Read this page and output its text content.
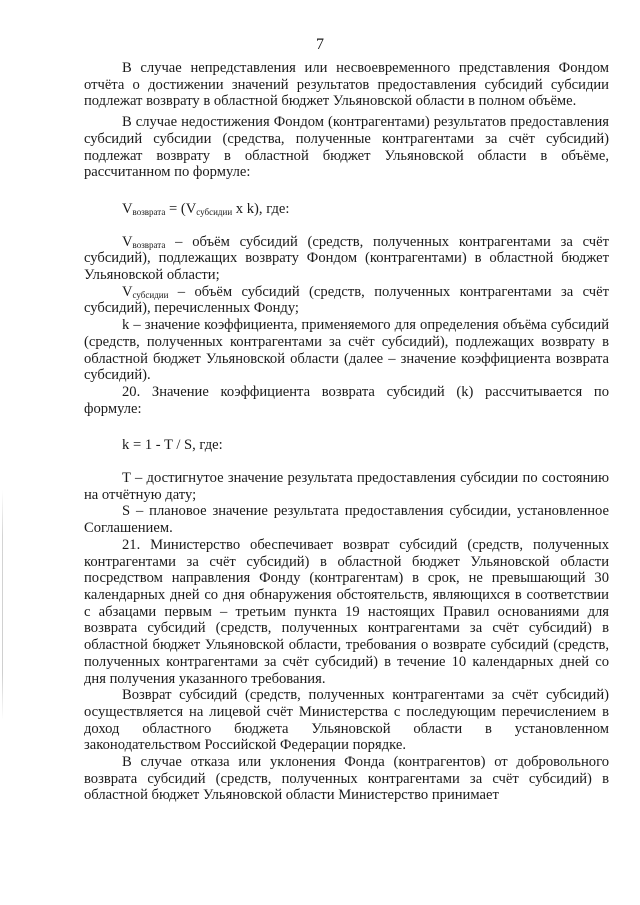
7

В случае непредставления или несвоевременного представления Фондом отчёта о достижении значений результатов предоставления субсидий субсидии подлежат возврату в областной бюджет Ульяновской области в полном объёме.

В случае недостижения Фондом (контрагентами) результатов предоставления субсидий субсидии (средства, полученные контрагентами за счёт субсидий) подлежат возврату в областной бюджет Ульяновской области в объёме, рассчитанном по формуле:

$V_{возврата} = (V_{субсидии}$ x k), где:

$V_{возврата}$ – объём субсидий (средств, полученных контрагентами за счёт субсидий), подлежащих возврату Фондом (контрагентами) в областной бюджет Ульяновской области;

$V_{субсидии}$ – объём субсидий (средств, полученных контрагентами за счёт субсидий), перечисленных Фонду;

k – значение коэффициента, применяемого для определения объёма субсидий (средств, полученных контрагентами за счёт субсидий), подлежащих возврату в областной бюджет Ульяновской области (далее – значение коэффициента возврата субсидий).

20. Значение коэффициента возврата субсидий (k) рассчитывается по формуле:

k = 1 - T / S, где:

T – достигнутое значение результата предоставления субсидии по состоянию на отчётную дату;

S – плановое значение результата предоставления субсидии, установленное Соглашением.

21. Министерство обеспечивает возврат субсидий (средств, полученных контрагентами за счёт субсидий) в областной бюджет Ульяновской области посредством направления Фонду (контрагентам) в срок, не превышающий 30 календарных дней со дня обнаружения обстоятельств, являющихся в соответствии с абзацами первым – третьим пункта 19 настоящих Правил основаниями для возврата субсидий (средств, полученных контрагентами за счёт субсидий) в областной бюджет Ульяновской области, требования о возврате субсидий (средств, полученных контрагентами за счёт субсидий) в течение 10 календарных дней со дня получения указанного требования.

Возврат субсидий (средств, полученных контрагентами за счёт субсидий) осуществляется на лицевой счёт Министерства с последующим перечислением в доход областного бюджета Ульяновской области в установленном законодательством Российской Федерации порядке.

В случае отказа или уклонения Фонда (контрагентов) от добровольного возврата субсидий (средств, полученных контрагентами за счёт субсидий) в областной бюджет Ульяновской области Министерство принимает
